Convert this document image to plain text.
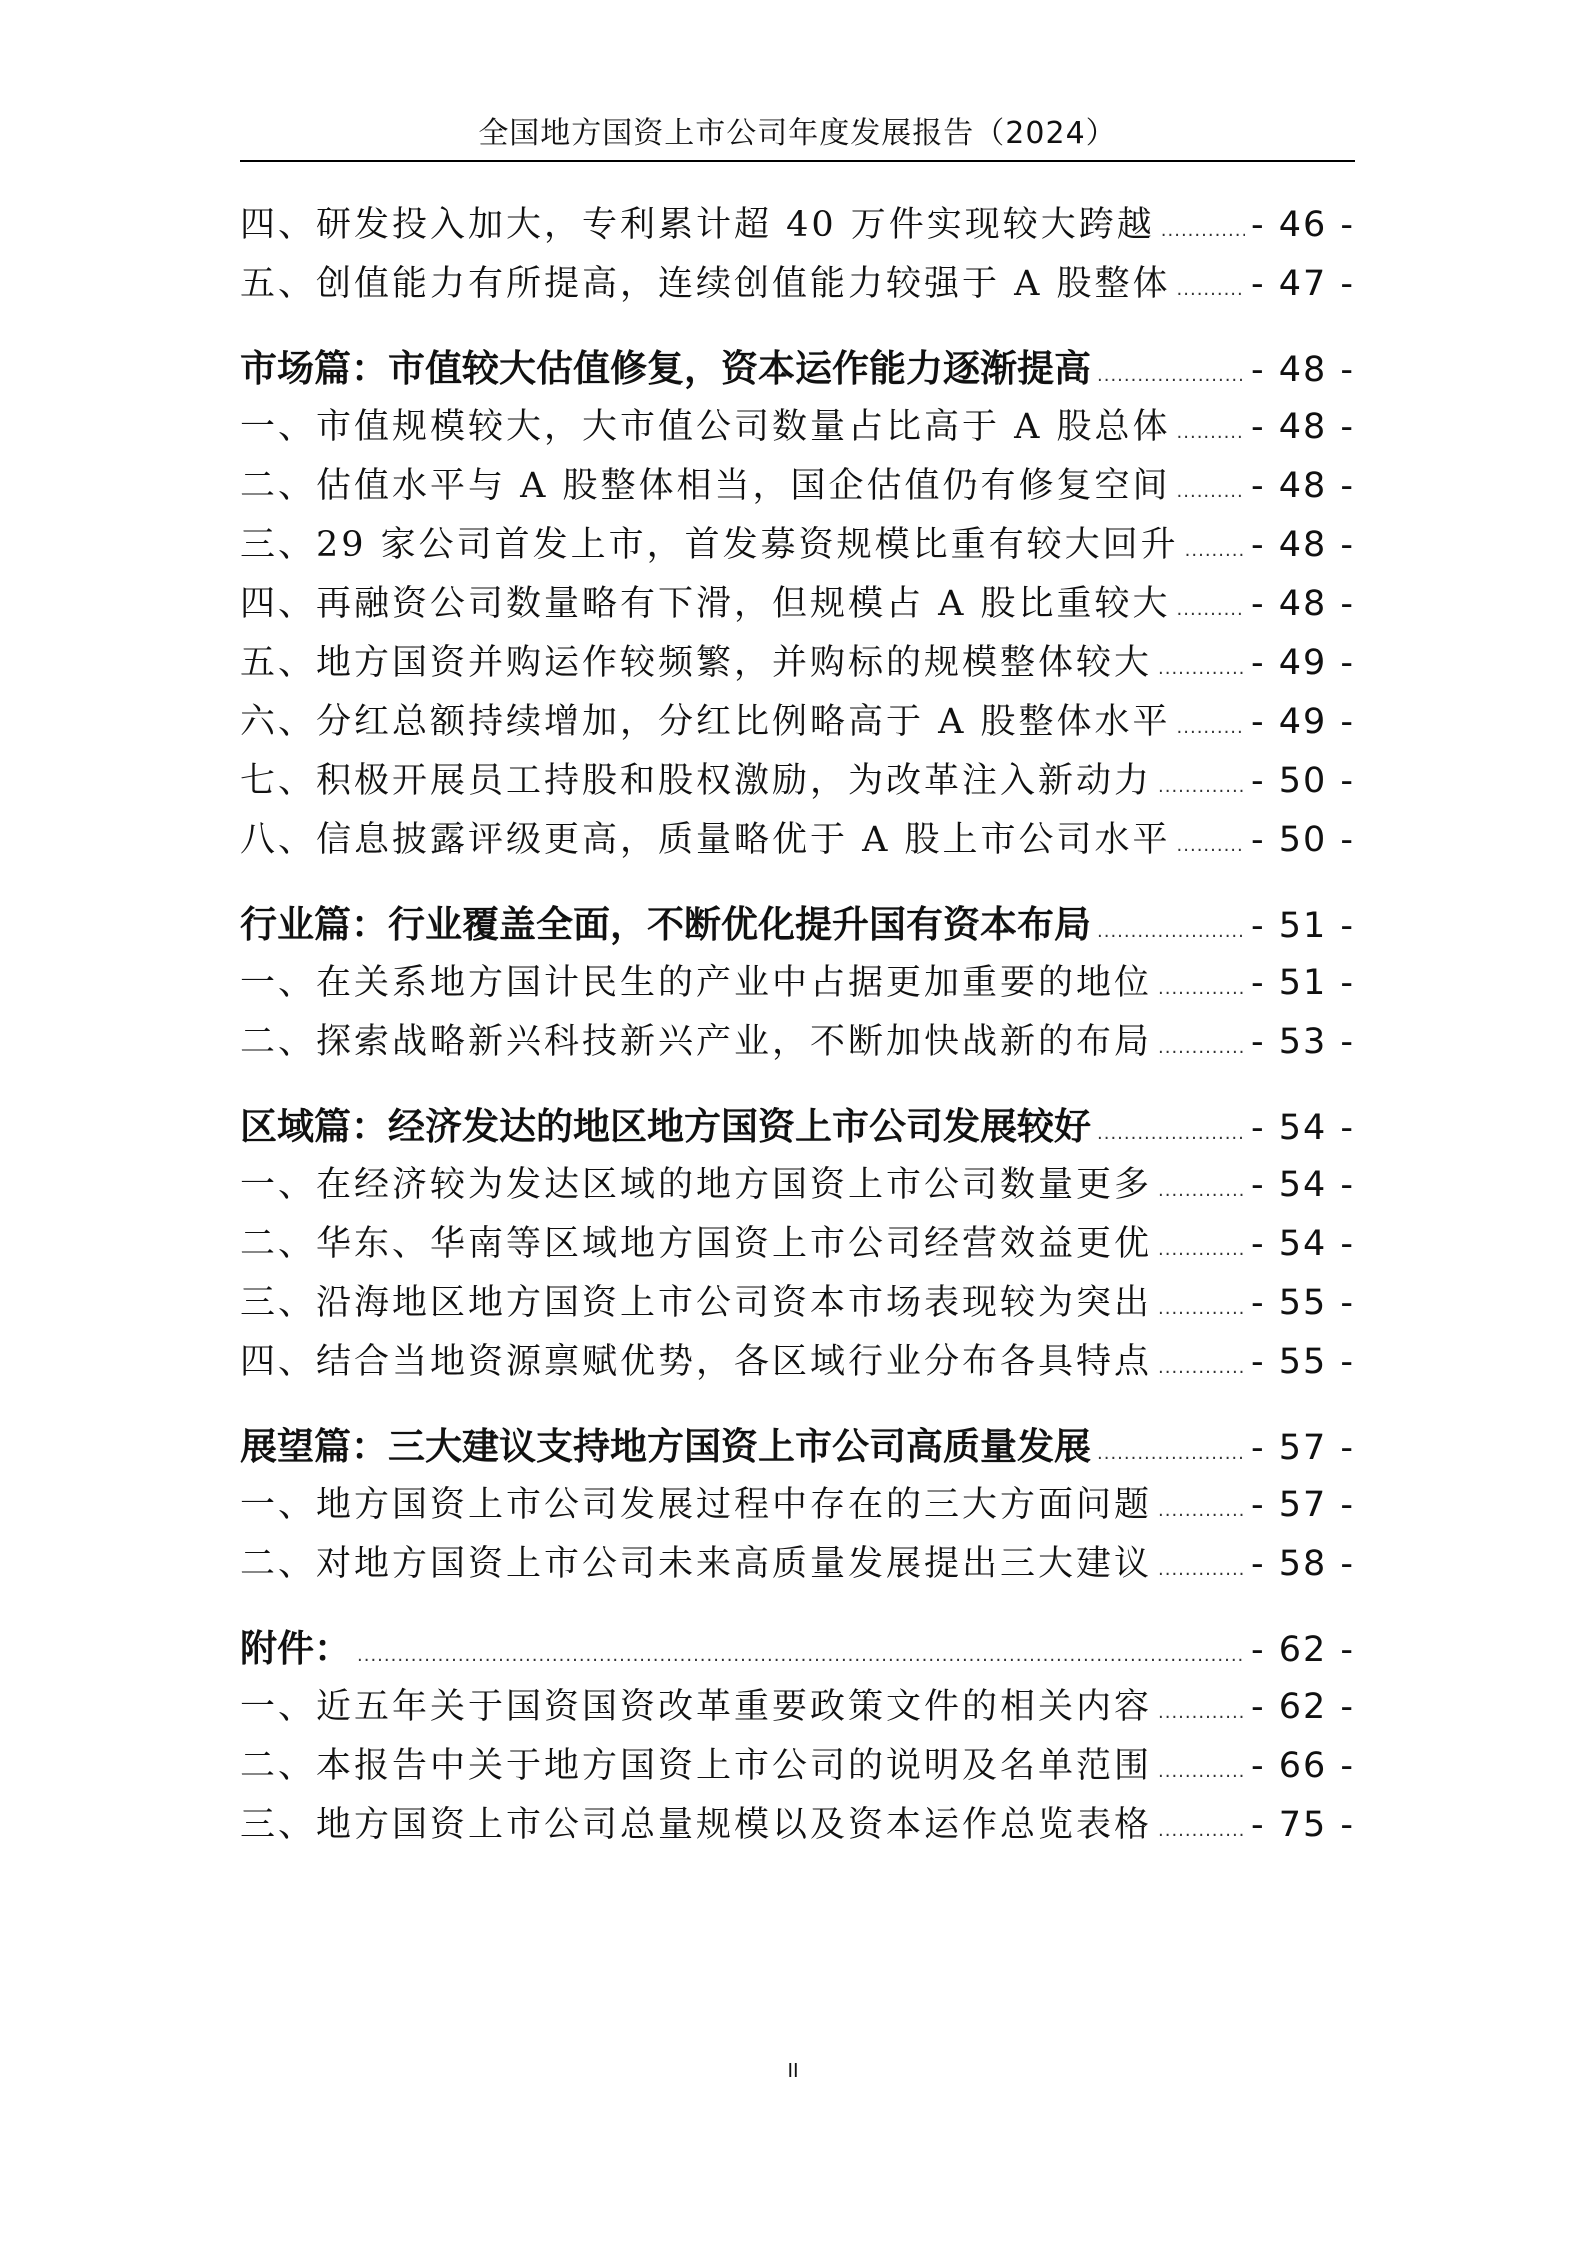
全国地方国资上市公司年度发展报告（2024）
四、研发投入加大，专利累计超 40 万件实现较大跨越 .....	- 46 -
五、创值能力有所提高，连续创值能力较强于 A 股整体 ..... - 47 -
市场篇：市值较大估值修复，资本运作能力逐渐提高 .....	- 48 -
一、市值规模较大，大市值公司数量占比高于 A 股总体 ..... - 48 -
二、估值水平与 A 股整体相当，国企估值仍有修复空间 ..... - 48 -
三、29 家公司首发上市，首发募资规模比重有较大回升 ..... - 48 -
四、再融资公司数量略有下滑，但规模占 A 股比重较大 ..... - 48 -
五、地方国资并购运作较频繁，并购标的规模整体较大 .....	- 49 -
六、分红总额持续增加，分红比例略高于 A 股整体水平 ..... - 49 -
七、积极开展员工持股和股权激励，为改革注入新动力 .....	- 50 -
八、信息披露评级更高，质量略优于 A 股上市公司水平 ..... - 50 -
行业篇：行业覆盖全面，不断优化提升国有资本布局 .....	- 51 -
一、在关系地方国计民生的产业中占据更加重要的地位 .....	- 51 -
二、探索战略新兴科技新兴产业，不断加快战新的布局 .....	- 53 -
区域篇：经济发达的地区地方国资上市公司发展较好 .....	- 54 -
一、在经济较为发达区域的地方国资上市公司数量更多 .....	- 54 -
二、华东、华南等区域地方国资上市公司经营效益更优 .....	- 54 -
三、沿海地区地方国资上市公司资本市场表现较为突出 .....	- 55 -
四、结合当地资源禀赋优势，各区域行业分布各具特点 .....	- 55 -
展望篇：三大建议支持地方国资上市公司高质量发展 .....	- 57 -
一、地方国资上市公司发展过程中存在的三大方面问题 .....	- 57 -
二、对地方国资上市公司未来高质量发展提出三大建议 .....	- 58 -
附件： .....	- 62 -
一、近五年关于国资国资改革重要政策文件的相关内容 .....	- 62 -
二、本报告中关于地方国资上市公司的说明及名单范围 .....	- 66 -
三、地方国资上市公司总量规模以及资本运作总览表格 .....	- 75 -
II
